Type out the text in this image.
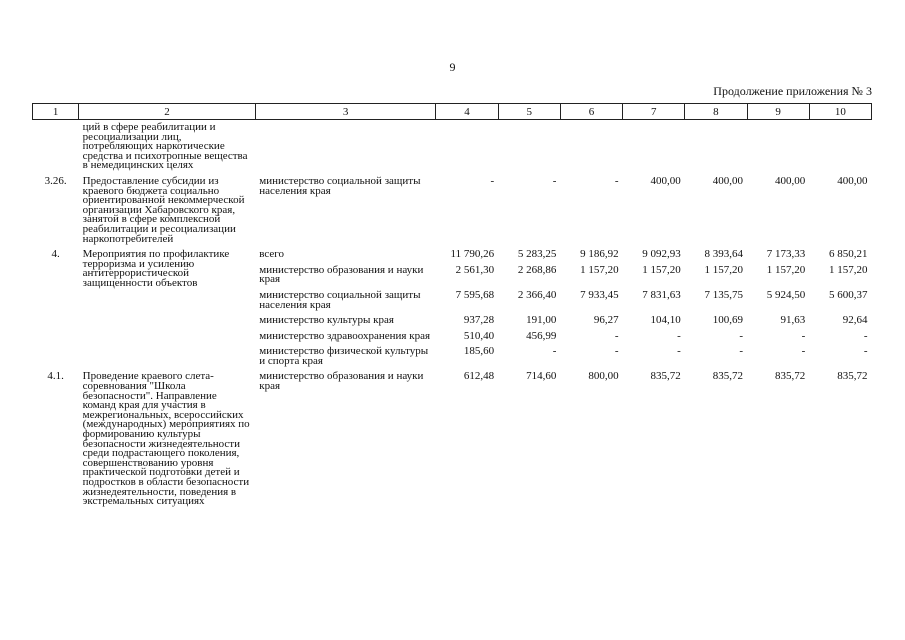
9
Продолжение приложения № 3
1	2	3	4	5	6	7	8	9	10
	ций в сфере реабилитации и ресоциализации лиц, потребляющих наркотические средства и психотропные вещества в немедицинских целях								
3.26.	Предоставление субсидии из краевого бюджета социально ориентированной некоммерческой организации Хабаровского края, занятой в сфере комплексной реабилитации и ресоциализации наркопотребителей	министерство социальной защиты населения края	-	-	-	400,00	400,00	400,00	400,00
4.	Мероприятия по профилактике терроризма и усилению антитеррористической защищенности объектов	всего	11 790,26	5 283,25	9 186,92	9 092,93	8 393,64	7 173,33	6 850,21
		министерство образования и науки края	2 561,30	2 268,86	1 157,20	1 157,20	1 157,20	1 157,20	1 157,20
		министерство социальной защиты населения края	7 595,68	2 366,40	7 933,45	7 831,63	7 135,75	5 924,50	5 600,37
		министерство культуры края	937,28	191,00	96,27	104,10	100,69	91,63	92,64
		министерство здравоохранения края	510,40	456,99	-	-	-	-	-
		министерство физической культуры и спорта края	185,60	-	-	-	-	-	-
4.1.	Проведение краевого слета-соревнования "Школа безопасности". Направление команд края для участия в межрегиональных, всероссийских (международных) мероприятиях по формированию культуры безопасности жизнедеятельности среди подрастающего поколения, совершенствованию уровня практической подготовки детей и подростков в области безопасности жизнедеятельности, поведения в экстремальных ситуациях	министерство образования и науки края	612,48	714,60	800,00	835,72	835,72	835,72	835,72
